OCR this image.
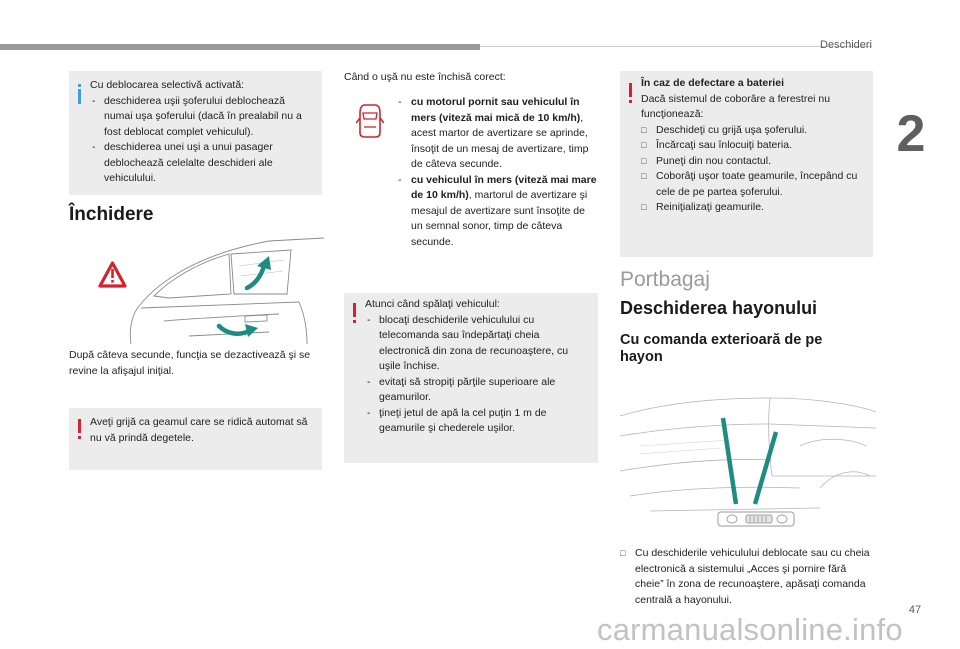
Deschideri
2

Cu deblocarea selectivă activată:

- deschiderea uşii şoferului deblochează numai uşa şoferului (dacă în prealabil nu a fost deblocat complet vehiculul).
- deschiderea unei uşi a unui pasager deblochează celelalte deschideri ale vehiculului.
Închidere
După câteva secunde, funcţia se dezactivează şi se revine la afişajul iniţial.

Aveţi grijă ca geamul care se ridică automat să nu vă prindă degetele.

Când o uşă nu este închisă corect:
- cu motorul pornit sau vehiculul în mers (viteză mai mică de 10 km/h), acest martor de avertizare se aprinde, însoţit de un mesaj de avertizare, timp de câteva secunde.
- cu vehiculul în mers (viteză mai mare de 10 km/h), martorul de avertizare şi mesajul de avertizare sunt însoţite de un semnal sonor, timp de câteva secunde.

Atunci când spălaţi vehiculul:

- blocaţi deschiderile vehiculului cu telecomanda sau îndepărtaţi cheia electronică din zona de recunoaştere, cu uşile închise.
- evitaţi să stropiţi părţile superioare ale geamurilor.
- ţineţi jetul de apă la cel puţin 1 m de geamurile şi chederele uşilor.

În caz de defectare a bateriei

Dacă sistemul de coborâre a ferestrei nu funcţionează:

□ Deschideţi cu grijă uşa şoferului.
□ Încărcaţi sau înlocuiţi bateria.
□ Puneţi din nou contactul.
□ Coborâţi uşor toate geamurile, începând cu cele de pe partea şoferului.
□ Reiniţializaţi geamurile.
Portbagaj
Deschiderea hayonului
Cu comanda exterioară de pe hayon
□ Cu deschiderile vehiculului deblocate sau cu cheia electronică a sistemului „Acces şi pornire fără cheie” în zona de recunoaştere, apăsaţi comanda centrală a hayonului.
47
carmanualsonline.info
